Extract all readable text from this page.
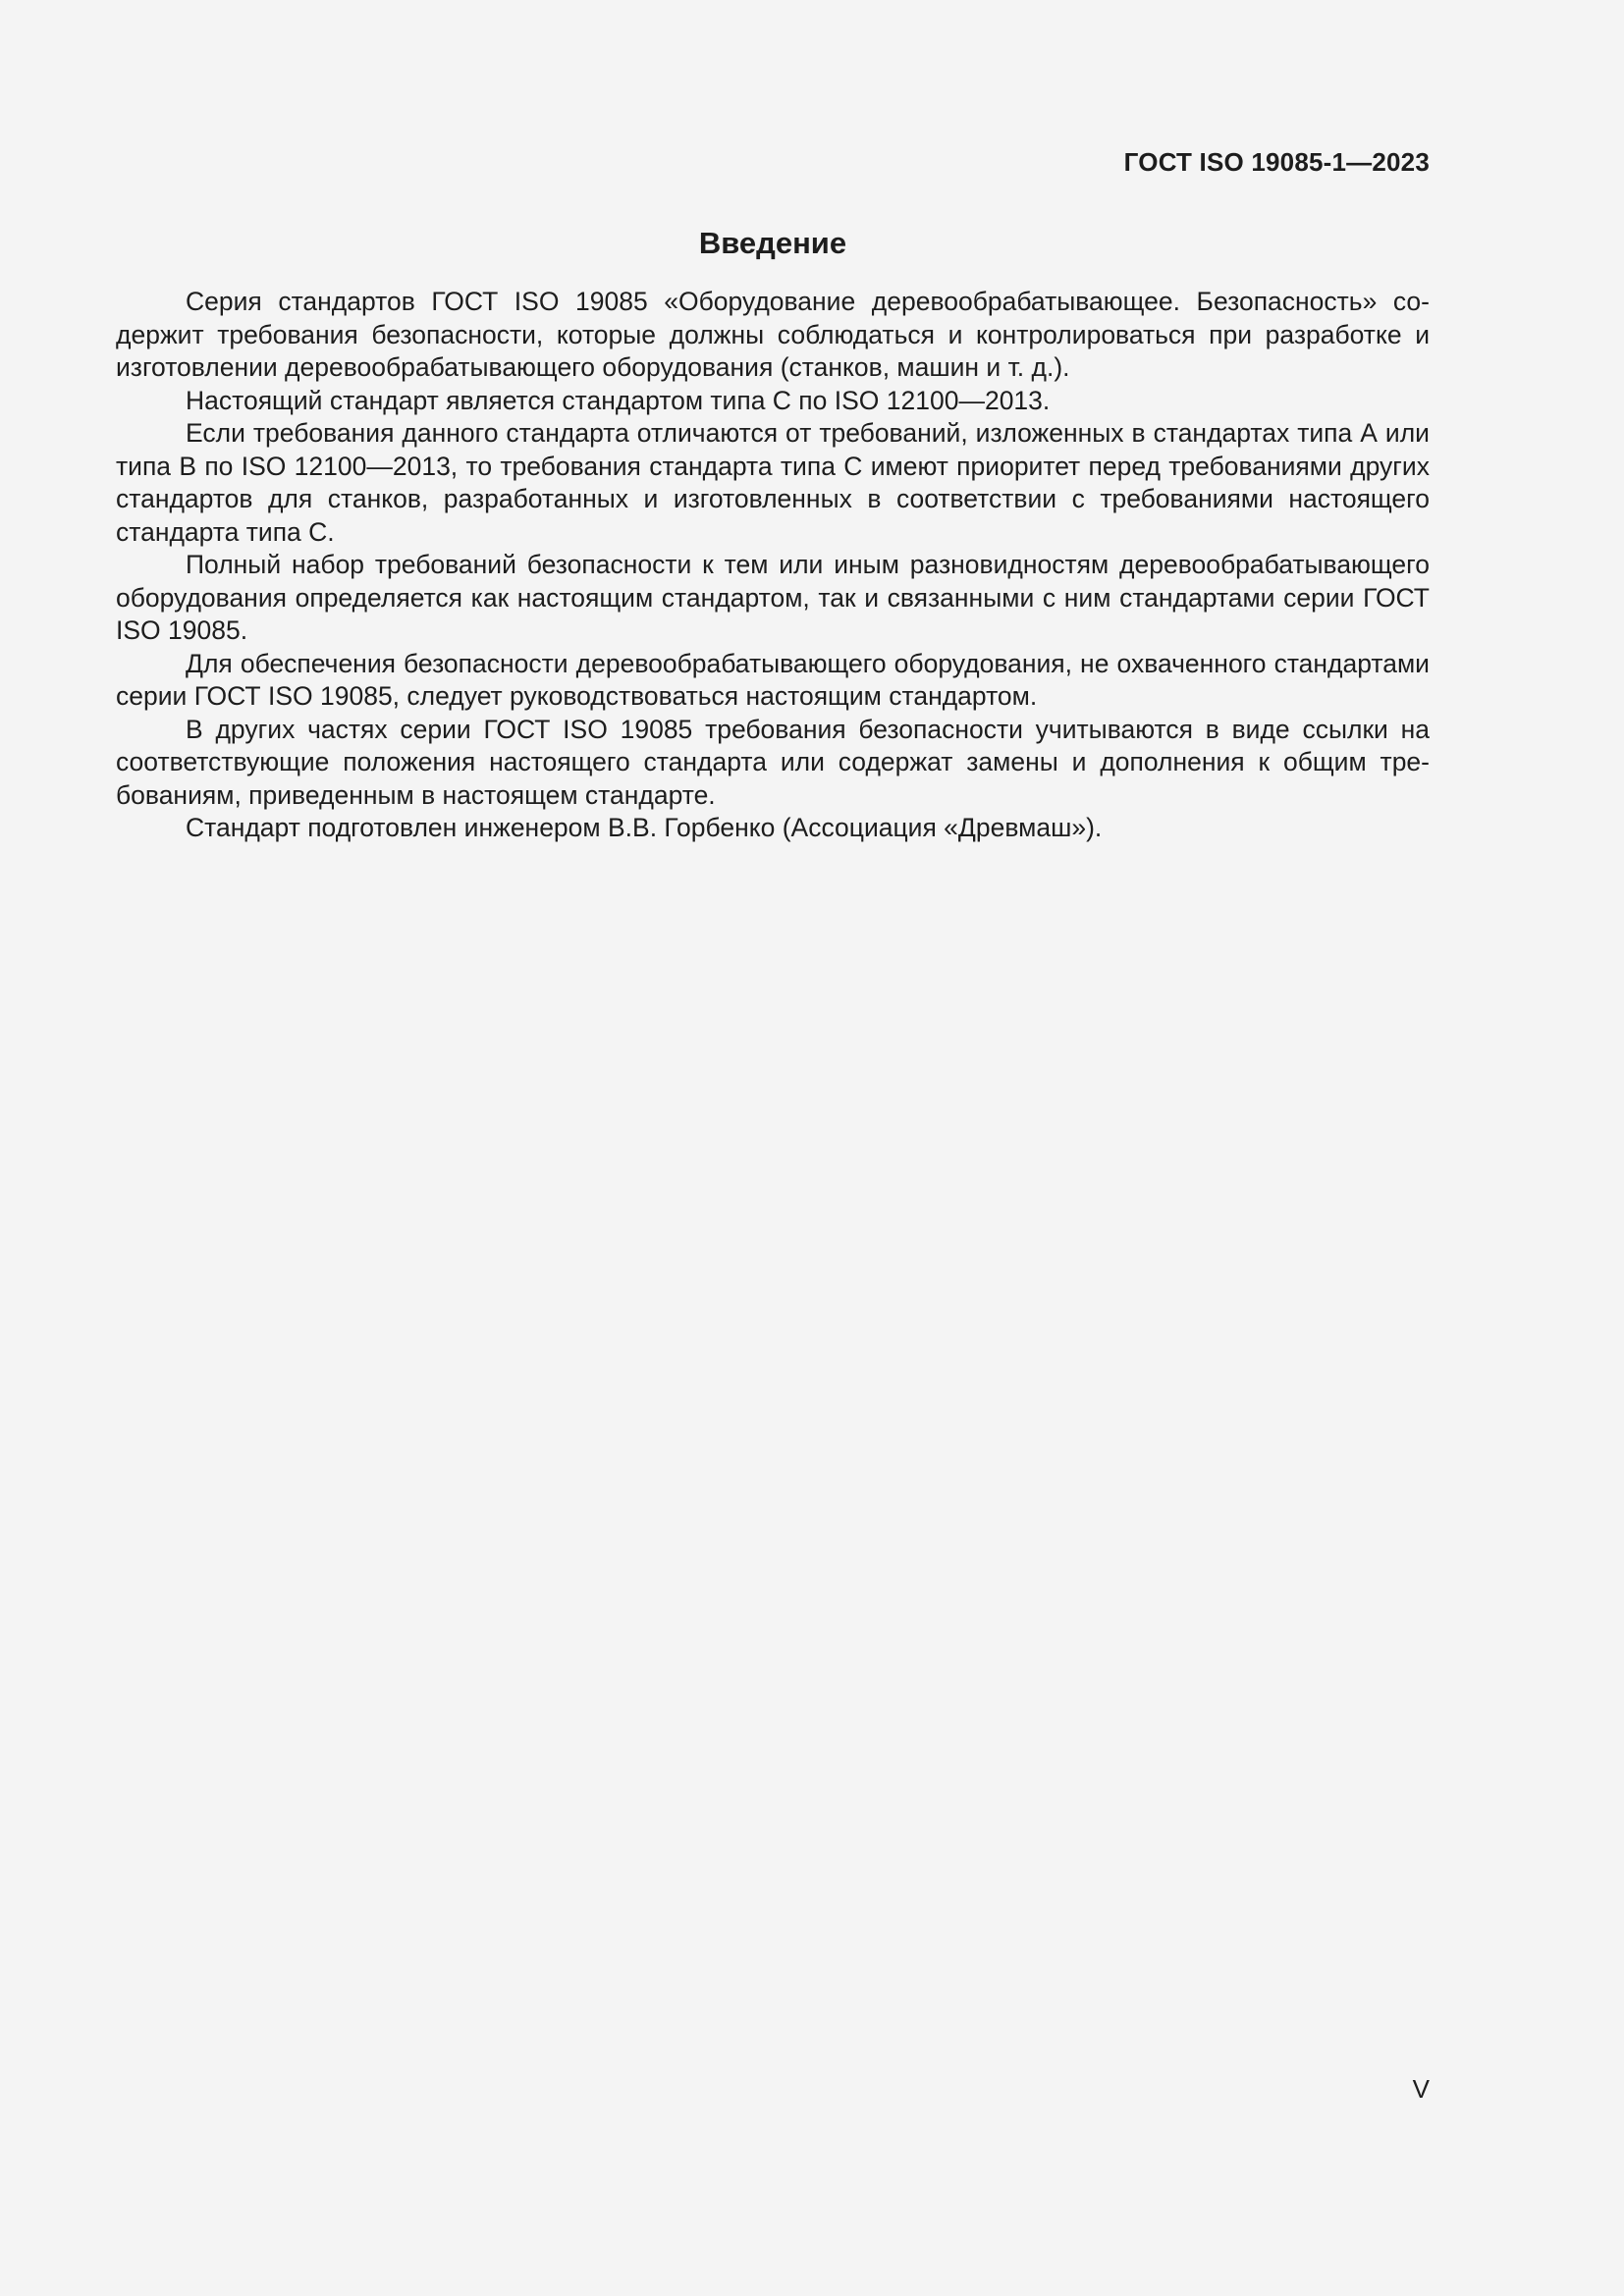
ГОСТ ISO 19085-1—2023
Введение

Серия стандартов ГОСТ ISO 19085 «Оборудование деревообрабатывающее. Безопасность» содержит требования безопасности, которые должны соблюдаться и контролироваться при разработке и изготовлении деревообрабатывающего оборудования (станков, машин и т. д.).

Настоящий стандарт является стандартом типа С по ISO 12100—2013.

Если требования данного стандарта отличаются от требований, изложенных в стандартах типа А или типа В по ISO 12100—2013, то требования стандарта типа С имеют приоритет перед требованиями других стандартов для станков, разработанных и изготовленных в соответствии с требованиями настоящего стандарта типа С.

Полный набор требований безопасности к тем или иным разновидностям деревообрабатывающего оборудования определяется как настоящим стандартом, так и связанными с ним стандартами серии ГОСТ ISO 19085.

Для обеспечения безопасности деревообрабатывающего оборудования, не охваченного стандартами серии ГОСТ ISO 19085, следует руководствоваться настоящим стандартом.

В других частях серии ГОСТ ISO 19085 требования безопасности учитываются в виде ссылки на соответствующие положения настоящего стандарта или содержат замены и дополнения к общим требованиям, приведенным в настоящем стандарте.

Стандарт подготовлен инженером В.В. Горбенко (Ассоциация «Древмаш»).

V
